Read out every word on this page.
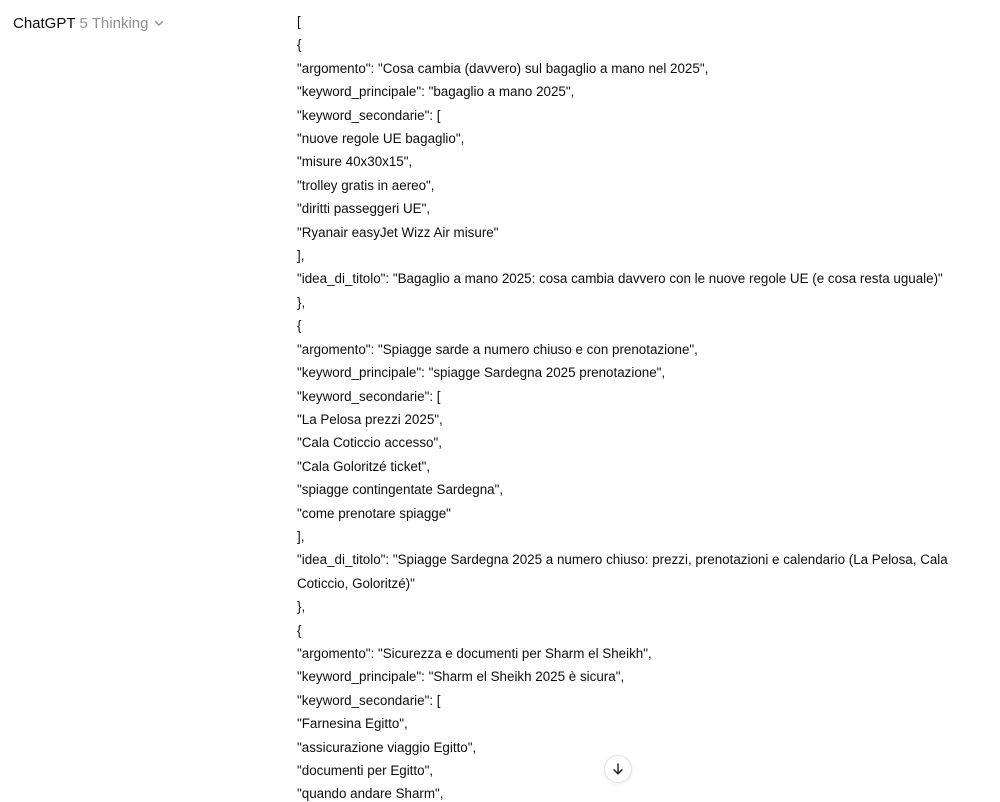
ChatGPT 5 Thinking	[
{
"argomento": "Cosa cambia (davvero) sul bagaglio a mano nel 2025",
"keyword_principale": "bagaglio a mano 2025",
"keyword_secondarie": [
"nuove regole UE bagaglio",
"misure 40x30x15",
"trolley gratis in aereo",
"diritti passeggeri UE",
"Ryanair easyJet Wizz Air misure"
],
"idea_di_titolo": "Bagaglio a mano 2025: cosa cambia davvero con le nuove regole UE (e cosa resta uguale)"
},
{
"argomento": "Spiagge sarde a numero chiuso e con prenotazione",
"keyword_principale": "spiagge Sardegna 2025 prenotazione",
"keyword_secondarie": [
"La Pelosa prezzi 2025",
"Cala Coticcio accesso",
"Cala Goloritzé ticket",
"spiagge contingentate Sardegna",
"come prenotare spiagge"
],
"idea_di_titolo": "Spiagge Sardegna 2025 a numero chiuso: prezzi, prenotazioni e calendario (La Pelosa, Cala Coticcio, Goloritzé)"
},
{
"argomento": "Sicurezza e documenti per Sharm el Sheikh",
"keyword_principale": "Sharm el Sheikh 2025 è sicura",
"keyword_secondarie": [
"Farnesina Egitto",
"assicurazione viaggio Egitto",
"documenti per Egitto",
"quando andare Sharm",
